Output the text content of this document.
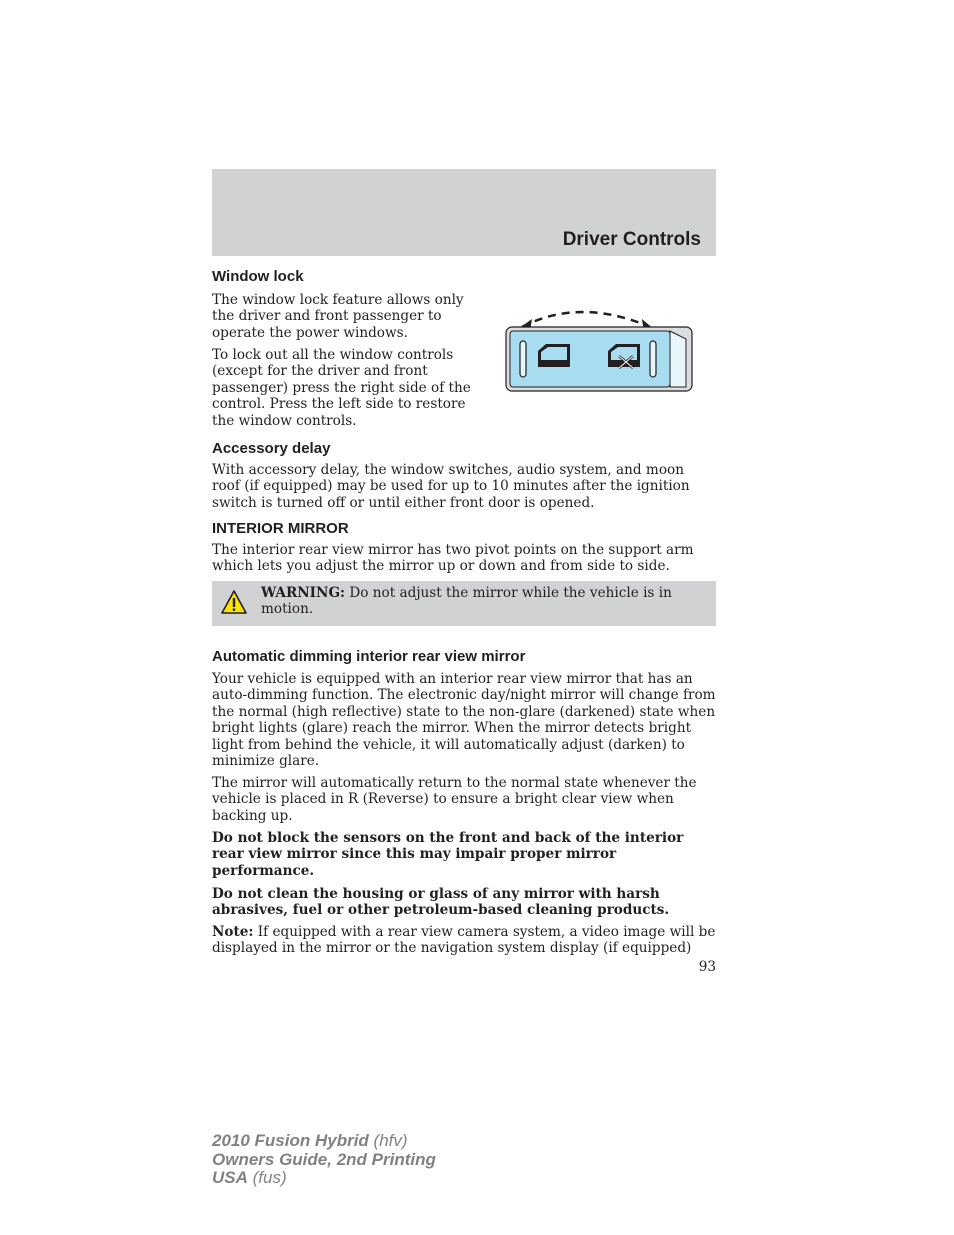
Driver Controls
Window lock

The window lock feature allows only the driver and front passenger to operate the power windows.

To lock out all the window controls (except for the driver and front passenger) press the right side of the control. Press the left side to restore the window controls.

Accessory delay

With accessory delay, the window switches, audio system, and moon roof (if equipped) may be used for up to 10 minutes after the ignition switch is turned off or until either front door is opened.

INTERIOR MIRROR

The interior rear view mirror has two pivot points on the support arm which lets you adjust the mirror up or down and from side to side.

WARNING: Do not adjust the mirror while the vehicle is in motion.
Automatic dimming interior rear view mirror

Your vehicle is equipped with an interior rear view mirror that has an auto-dimming function. The electronic day/night mirror will change from the normal (high reflective) state to the non-glare (darkened) state when bright lights (glare) reach the mirror. When the mirror detects bright light from behind the vehicle, it will automatically adjust (darken) to minimize glare.

The mirror will automatically return to the normal state whenever the vehicle is placed in R (Reverse) to ensure a bright clear view when backing up.

Do not block the sensors on the front and back of the interior rear view mirror since this may impair proper mirror performance.

Do not clean the housing or glass of any mirror with harsh abrasives, fuel or other petroleum-based cleaning products.

Note: If equipped with a rear view camera system, a video image will be displayed in the mirror or the navigation system display (if equipped)

93
2010 Fusion Hybrid (hfv)
Owners Guide, 2nd Printing
USA (fus)
